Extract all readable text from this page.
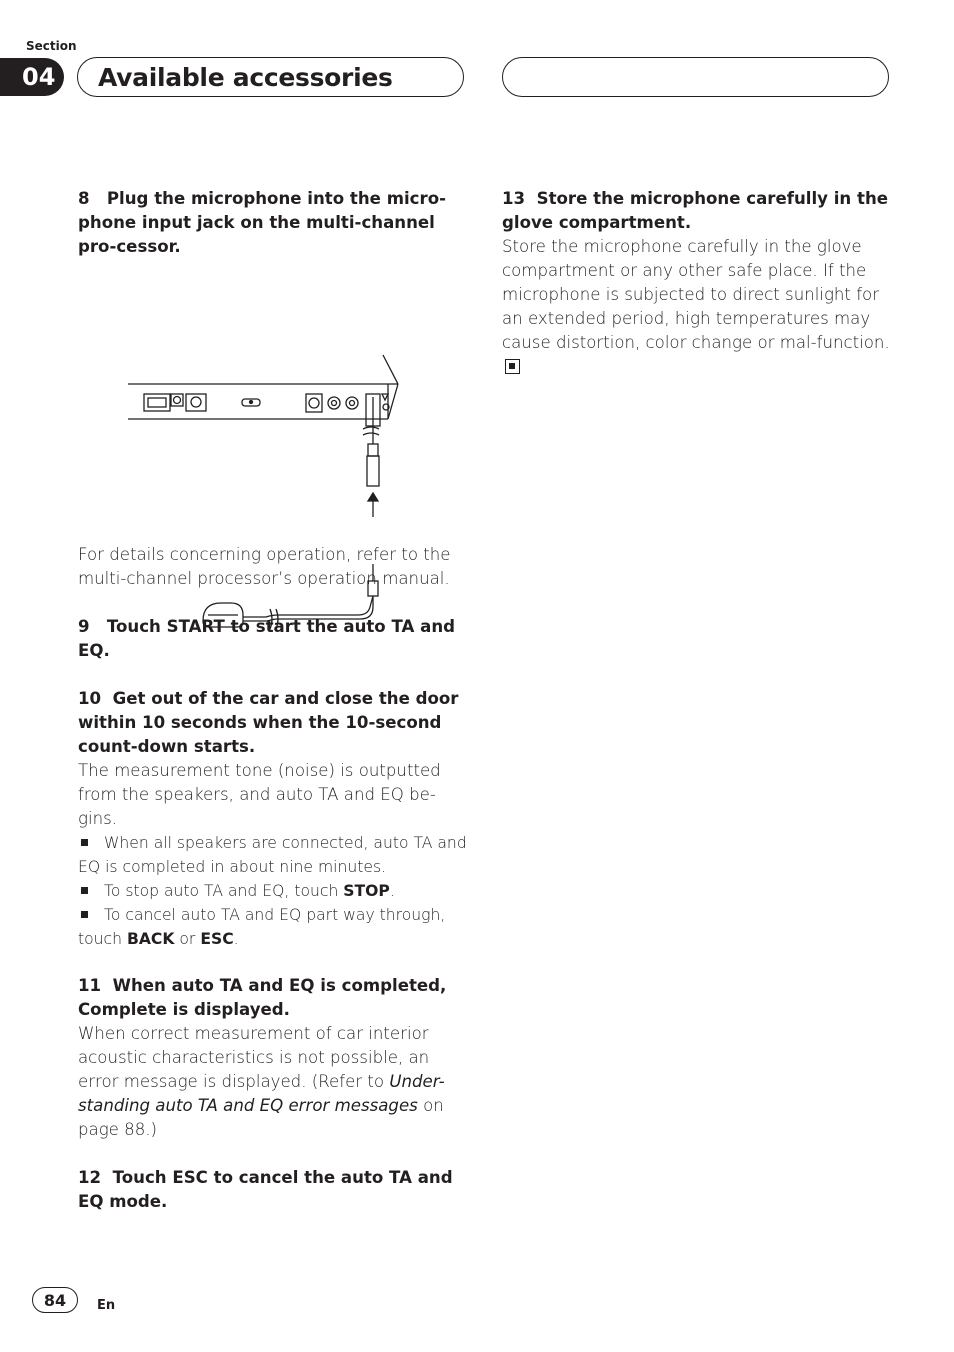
Section
04 Available accessories
8   Plug the microphone into the micro-phone input jack on the multi-channel pro-cessor.
For details concerning operation, refer to the multi-channel processor’s operation manual.
9   Touch START to start the auto TA and EQ.
10  Get out of the car and close the door within 10 seconds when the 10-second count-down starts.
The measurement tone (noise) is outputted from the speakers, and auto TA and EQ be-gins.
When all speakers are connected, auto TA and EQ is completed in about nine minutes.
To stop auto TA and EQ, touch STOP.
To cancel auto TA and EQ part way through, touch BACK or ESC.
11  When auto TA and EQ is completed, Complete is displayed.
When correct measurement of car interior acoustic characteristics is not possible, an error message is displayed. (Refer to Under-standing auto TA and EQ error messages on page 88.)
12  Touch ESC to cancel the auto TA and EQ mode.
13  Store the microphone carefully in the glove compartment.
Store the microphone carefully in the glove compartment or any other safe place. If the microphone is subjected to direct sunlight for an extended period, high temperatures may cause distortion, color change or mal-function.
84	En
